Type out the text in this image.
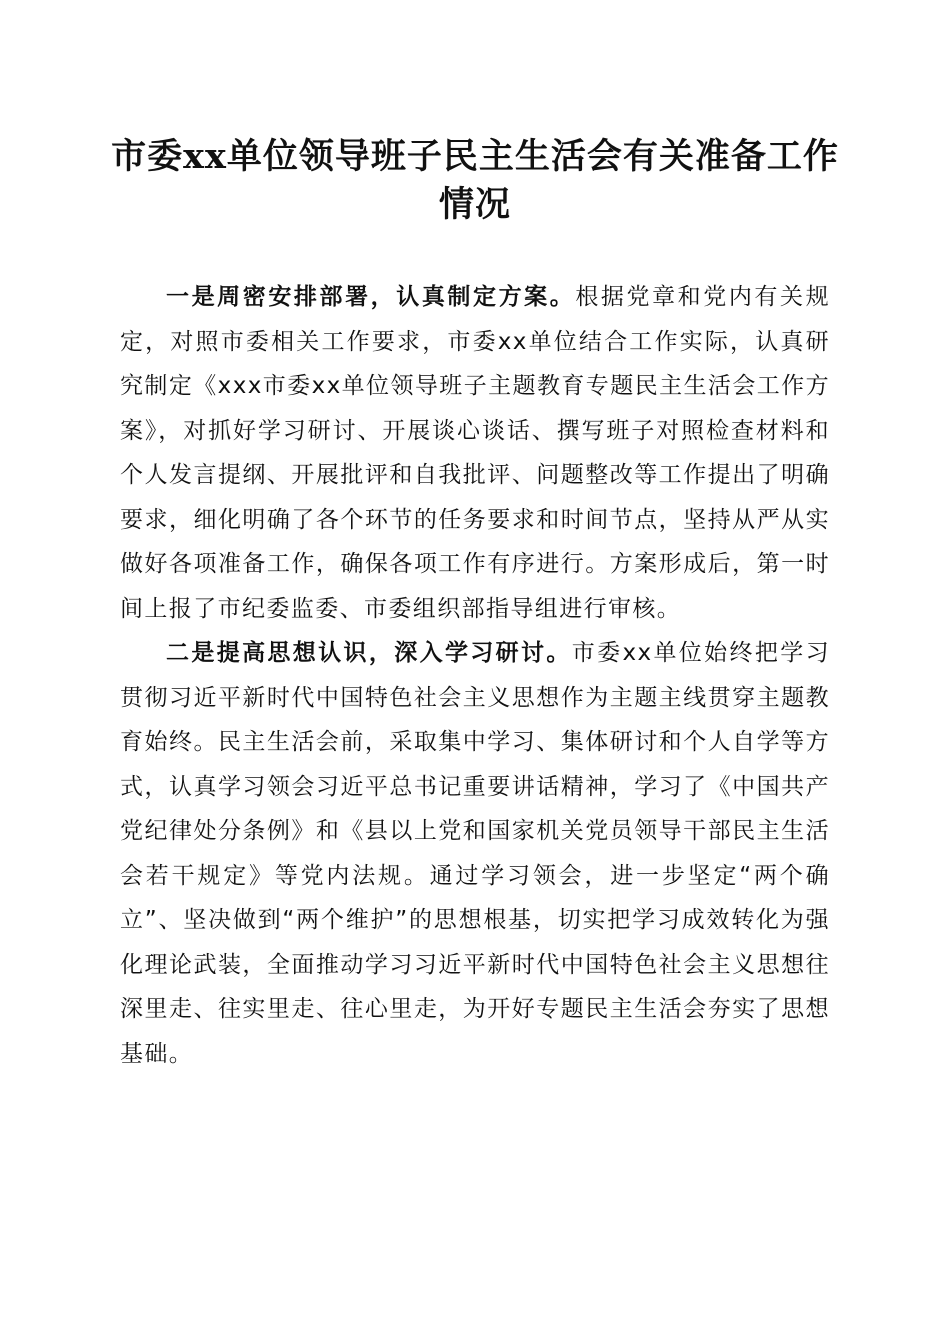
市委xx单位领导班子民主生活会有关准备工作情况

一是周密安排部署，认真制定方案。根据党章和党内有关规定，对照市委相关工作要求，市委xx单位结合工作实际，认真研究制定《xxx市委xx单位领导班子主题教育专题民主生活会工作方案》，对抓好学习研讨、开展谈心谈话、撰写班子对照检查材料和个人发言提纲、开展批评和自我批评、问题整改等工作提出了明确要求，细化明确了各个环节的任务要求和时间节点，坚持从严从实做好各项准备工作，确保各项工作有序进行。方案形成后，第一时间上报了市纪委监委、市委组织部指导组进行审核。

二是提高思想认识，深入学习研讨。市委xx单位始终把学习贯彻习近平新时代中国特色社会主义思想作为主题主线贯穿主题教育始终。民主生活会前，采取集中学习、集体研讨和个人自学等方式，认真学习领会习近平总书记重要讲话精神，学习了《中国共产党纪律处分条例》和《县以上党和国家机关党员领导干部民主生活会若干规定》等党内法规。通过学习领会，进一步坚定“两个确立”、坚决做到“两个维护”的思想根基，切实把学习成效转化为强化理论武装，全面推动学习习近平新时代中国特色社会主义思想往深里走、往实里走、往心里走，为开好专题民主生活会夯实了思想基础。
